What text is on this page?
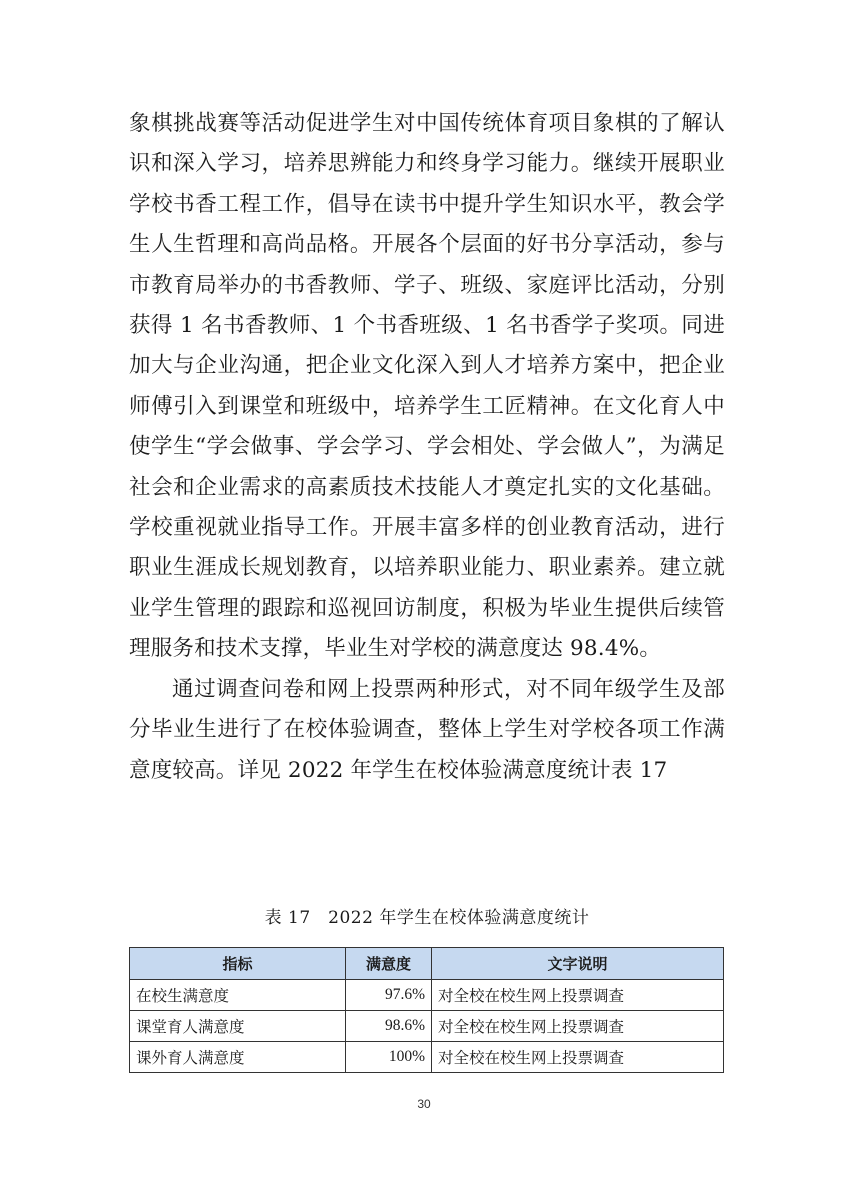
象棋挑战赛等活动促进学生对中国传统体育项目象棋的了解认识和深入学习，培养思辨能力和终身学习能力。继续开展职业学校书香工程工作，倡导在读书中提升学生知识水平，教会学生人生哲理和高尚品格。开展各个层面的好书分享活动，参与市教育局举办的书香教师、学子、班级、家庭评比活动，分别获得 1 名书香教师、1 个书香班级、1 名书香学子奖项。同进加大与企业沟通，把企业文化深入到人才培养方案中，把企业师傅引入到课堂和班级中，培养学生工匠精神。在文化育人中使学生“学会做事、学会学习、学会相处、学会做人”，为满足社会和企业需求的高素质技术技能人才奠定扎实的文化基础。学校重视就业指导工作。开展丰富多样的创业教育活动，进行职业生涯成长规划教育，以培养职业能力、职业素养。建立就业学生管理的跟踪和巡视回访制度，积极为毕业生提供后续管理服务和技术支撑，毕业生对学校的满意度达 98.4%。

通过调查问卷和网上投票两种形式，对不同年级学生及部分毕业生进行了在校体验调查，整体上学生对学校各项工作满意度较高。详见 2022 年学生在校体验满意度统计表 17

表 17　2022 年学生在校体验满意度统计
指标	满意度	文字说明
在校生满意度	97.6%	对全校在校生网上投票调查
课堂育人满意度	98.6%	对全校在校生网上投票调查
课外育人满意度	100%	对全校在校生网上投票调查
30
